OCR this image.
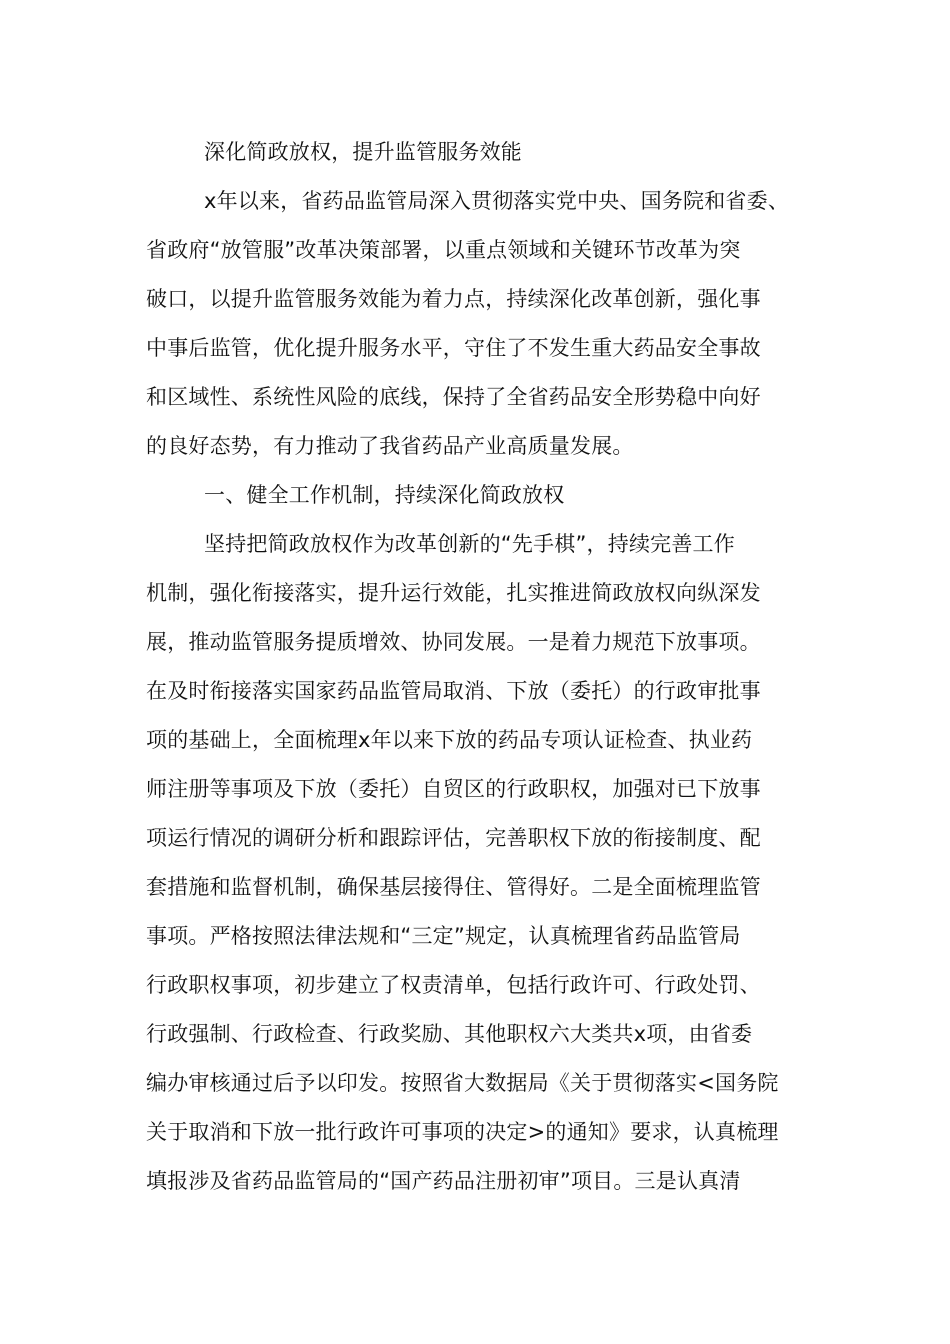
深化简政放权，提升监管服务效能
x年以来，省药品监管局深入贯彻落实党中央、国务院和省委、
省政府“放管服”改革决策部署，以重点领域和关键环节改革为突
破口，以提升监管服务效能为着力点，持续深化改革创新，强化事
中事后监管，优化提升服务水平，守住了不发生重大药品安全事故
和区域性、系统性风险的底线，保持了全省药品安全形势稳中向好
的良好态势，有力推动了我省药品产业高质量发展。
一、健全工作机制，持续深化简政放权
坚持把简政放权作为改革创新的“先手棋”，持续完善工作
机制，强化衔接落实，提升运行效能，扎实推进简政放权向纵深发
展，推动监管服务提质增效、协同发展。一是着力规范下放事项。
在及时衔接落实国家药品监管局取消、下放（委托）的行政审批事
项的基础上，全面梳理x年以来下放的药品专项认证检查、执业药
师注册等事项及下放（委托）自贸区的行政职权，加强对已下放事
项运行情况的调研分析和跟踪评估，完善职权下放的衔接制度、配
套措施和监督机制，确保基层接得住、管得好。二是全面梳理监管
事项。严格按照法律法规和“三定”规定，认真梳理省药品监管局
行政职权事项，初步建立了权责清单，包括行政许可、行政处罚、
行政强制、行政检查、行政奖励、其他职权六大类共x项，由省委
编办审核通过后予以印发。按照省大数据局《关于贯彻落实<国务院
关于取消和下放一批行政许可事项的决定>的通知》要求，认真梳理
填报涉及省药品监管局的“国产药品注册初审”项目。三是认真清
